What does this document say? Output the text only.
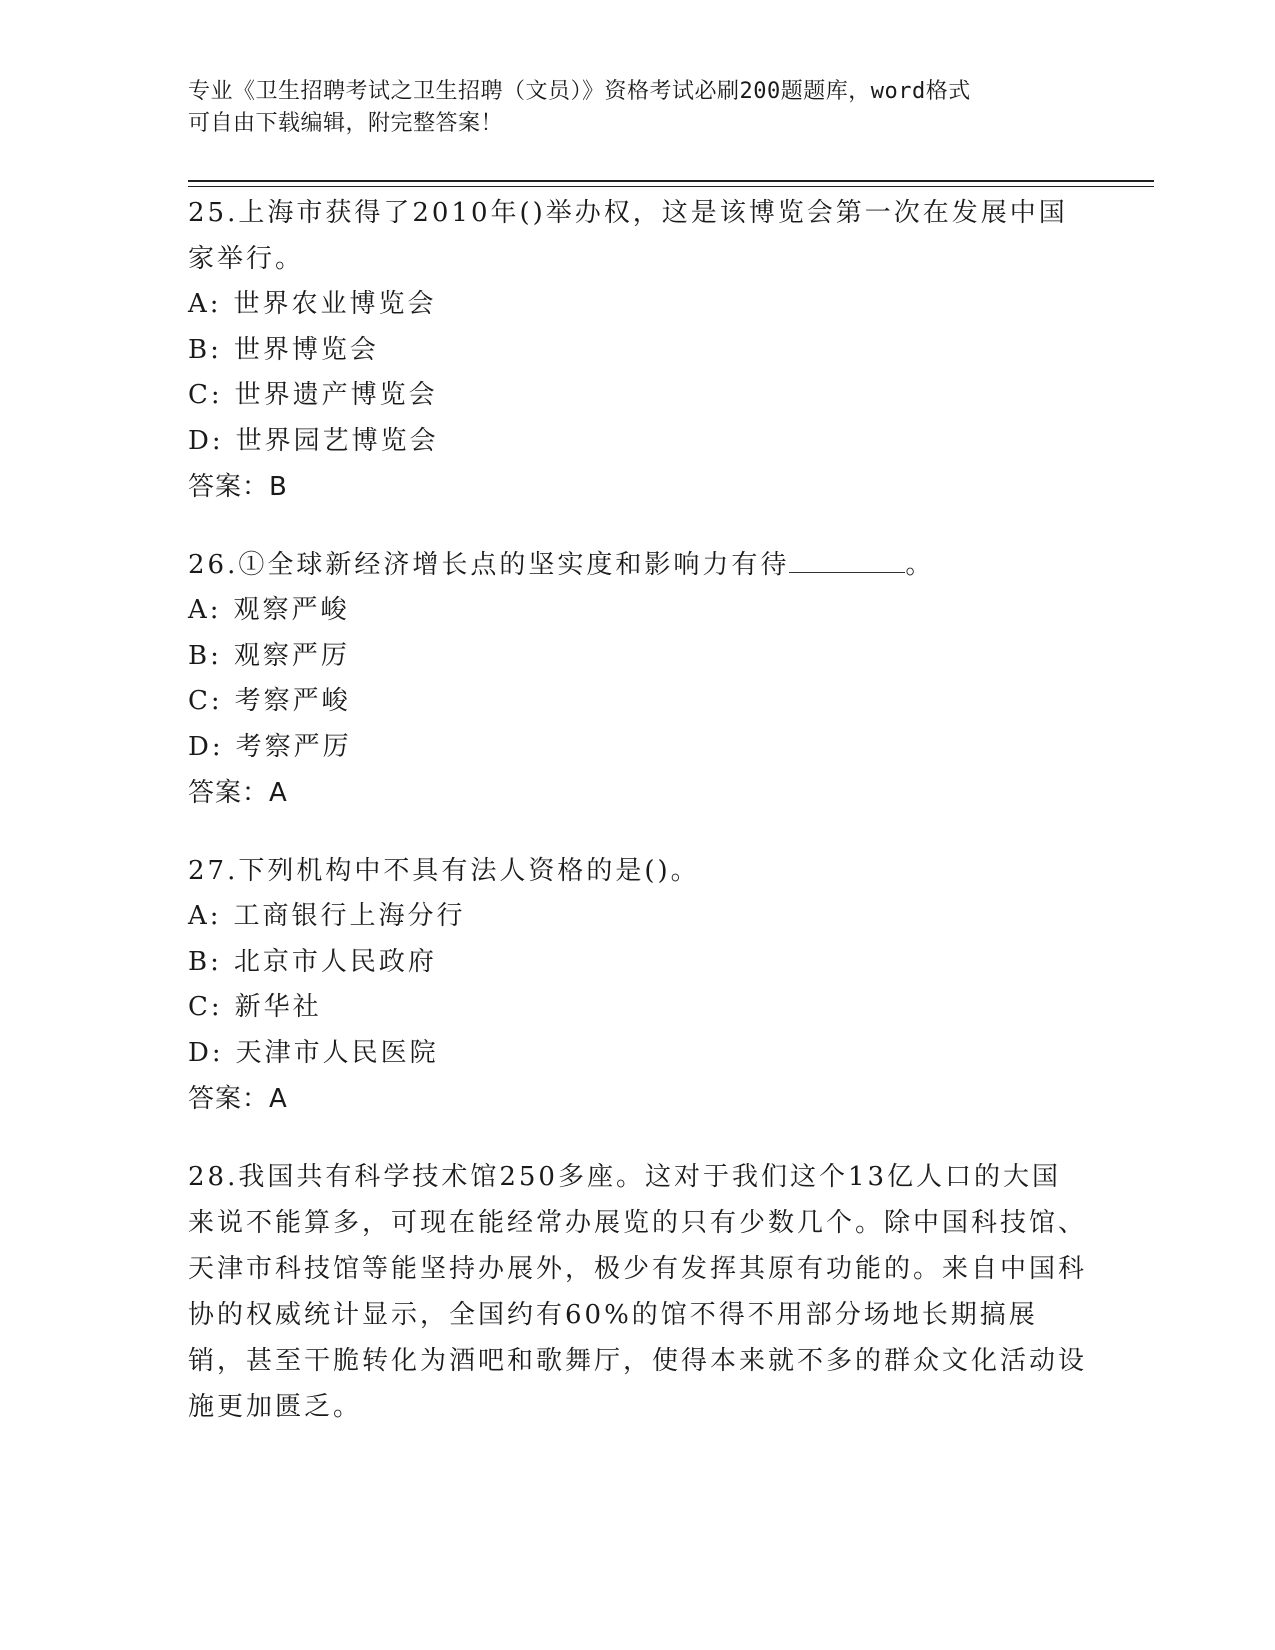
专业《卫生招聘考试之卫生招聘（文员）》资格考试必刷200题题库，word格式
可自由下载编辑，附完整答案！
25.上海市获得了2010年()举办权，这是该博览会第一次在发展中国家举行。
A: 世界农业博览会
B: 世界博览会
C: 世界遗产博览会
D: 世界园艺博览会
答案：B
26.①全球新经济增长点的坚实度和影响力有待	。
A: 观察严峻
B: 观察严厉
C: 考察严峻
D: 考察严厉
答案：A
27.下列机构中不具有法人资格的是()。
A: 工商银行上海分行
B: 北京市人民政府
C: 新华社
D: 天津市人民医院
答案：A
28.我国共有科学技术馆250多座。这对于我们这个13亿人口的大国来说不能算多，可现在能经常办展览的只有少数几个。除中国科技馆、天津市科技馆等能坚持办展外，极少有发挥其原有功能的。来自中国科协的权威统计显示，全国约有60%的馆不得不用部分场地长期搞展销，甚至干脆转化为酒吧和歌舞厅，使得本来就不多的群众文化活动设施更加匮乏。
